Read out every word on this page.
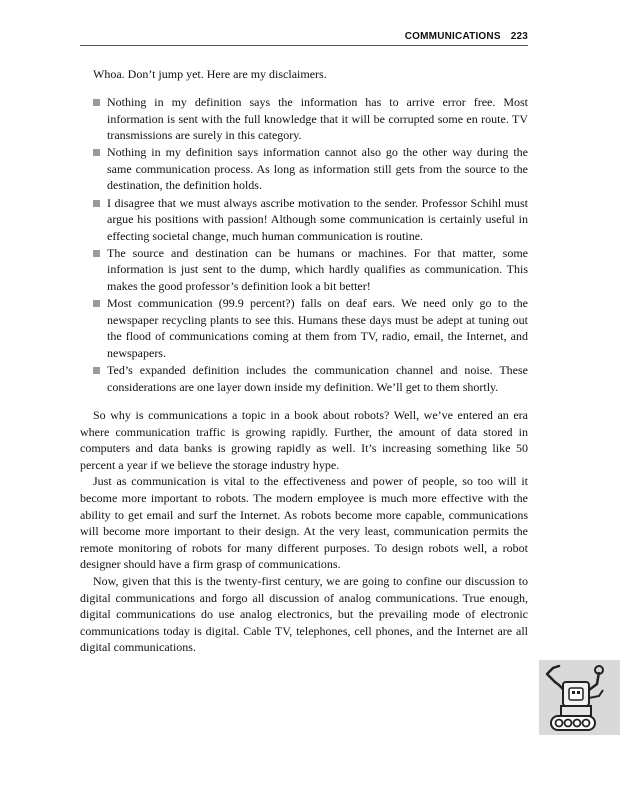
COMMUNICATIONS 223

Whoa. Don’t jump yet. Here are my disclaimers.

Nothing in my definition says the information has to arrive error free. Most information is sent with the full knowledge that it will be corrupted some en route. TV transmissions are surely in this category.
Nothing in my definition says information cannot also go the other way during the same communication process. As long as information still gets from the source to the destination, the definition holds.
I disagree that we must always ascribe motivation to the sender. Professor Schihl must argue his positions with passion! Although some communication is certainly useful in effecting societal change, much human communication is routine.
The source and destination can be humans or machines. For that matter, some information is just sent to the dump, which hardly qualifies as communication. This makes the good professor’s definition look a bit better!
Most communication (99.9 percent?) falls on deaf ears. We need only go to the newspaper recycling plants to see this. Humans these days must be adept at tuning out the flood of communications coming at them from TV, radio, email, the Internet, and newspapers.
Ted’s expanded definition includes the communication channel and noise. These considerations are one layer down inside my definition. We’ll get to them shortly.

So why is communications a topic in a book about robots? Well, we’ve entered an era where communication traffic is growing rapidly. Further, the amount of data stored in computers and data banks is growing rapidly as well. It’s increasing something like 50 percent a year if we believe the storage industry hype.

Just as communication is vital to the effectiveness and power of people, so too will it become more important to robots. The modern employee is much more effective with the ability to get email and surf the Internet. As robots become more capable, communications will become more important to their design. At the very least, communication permits the remote monitoring of robots for many different purposes. To design robots well, a robot designer should have a firm grasp of communications.

Now, given that this is the twenty-first century, we are going to confine our discussion to digital communications and forgo all discussion of analog communications. True enough, digital communications do use analog electronics, but the prevailing mode of electronic communications today is digital. Cable TV, telephones, cell phones, and the Internet are all digital communications.
